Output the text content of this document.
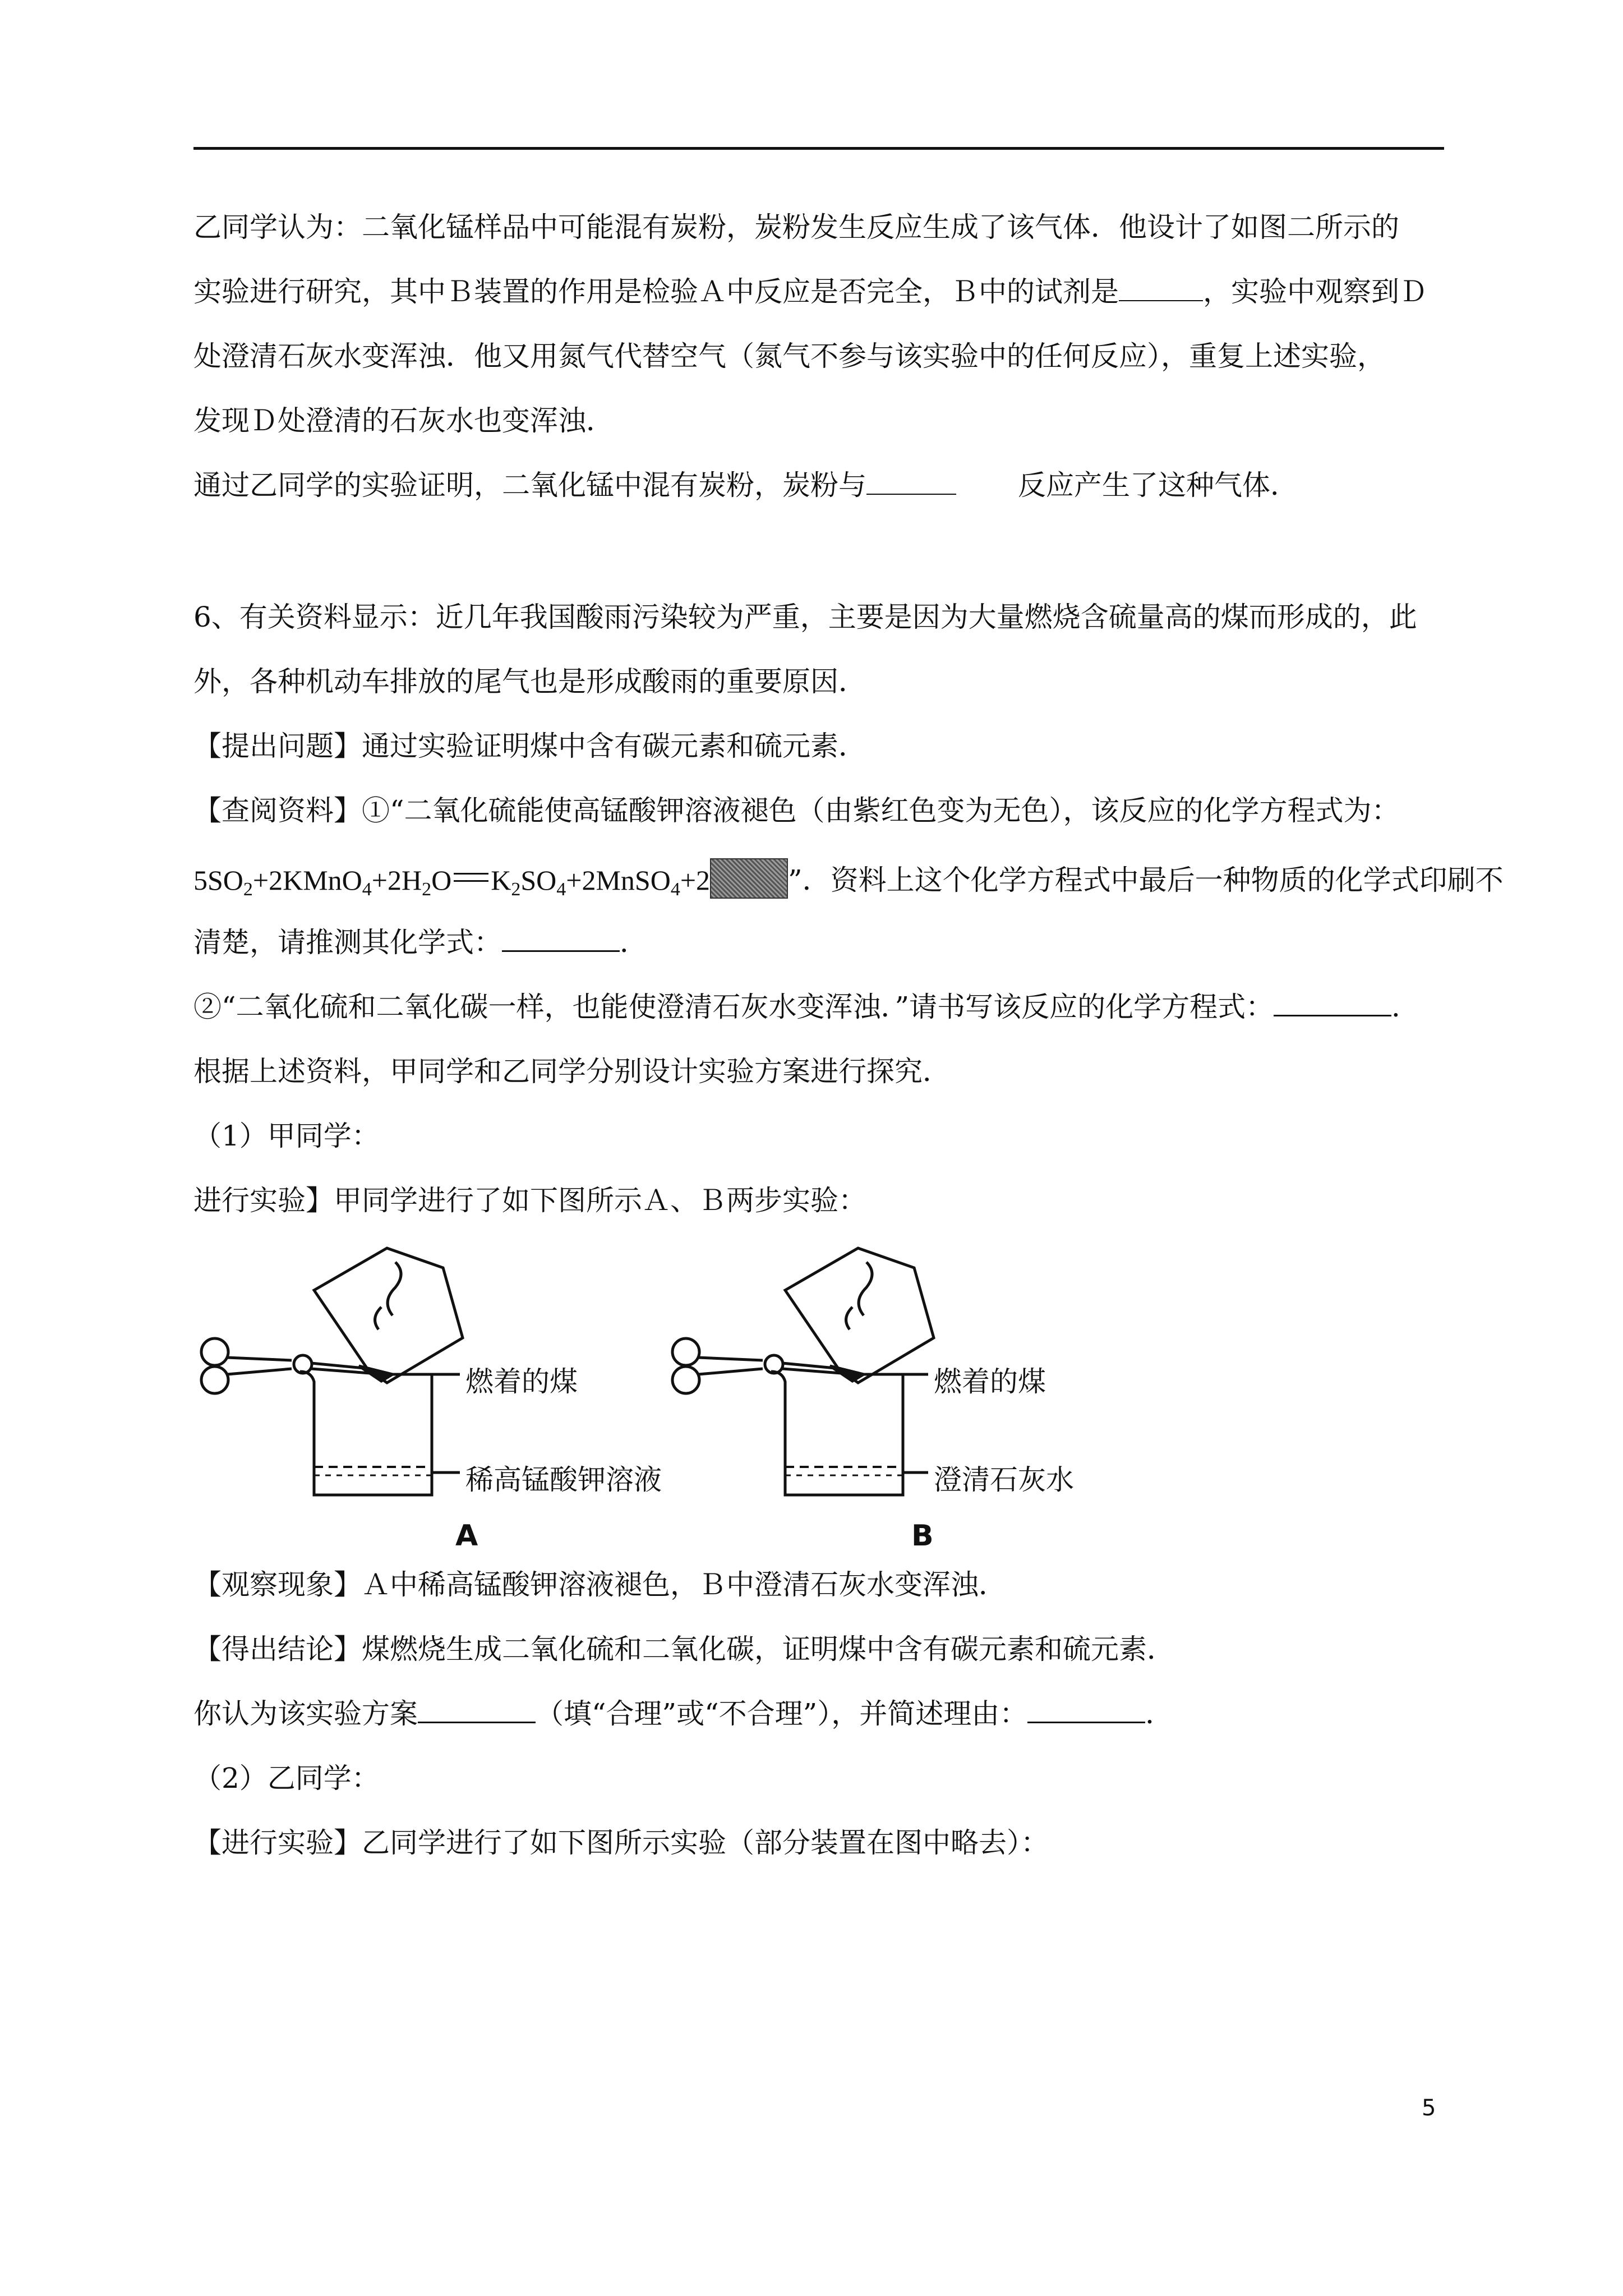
乙同学认为：二氧化锰样品中可能混有炭粉，炭粉发生反应生成了该气体．他设计了如图二所示的
实验进行研究，其中Ｂ装置的作用是检验Ａ中反应是否完全，Ｂ中的试剂是	，实验中观察到Ｄ
处澄清石灰水变浑浊．他又用氮气代替空气（氮气不参与该实验中的任何反应），重复上述实验，
发现Ｄ处澄清的石灰水也变浑浊．
通过乙同学的实验证明，二氧化锰中混有炭粉，炭粉与	反应产生了这种气体．
6、有关资料显示：近几年我国酸雨污染较为严重，主要是因为大量燃烧含硫量高的煤而形成的，此
外，各种机动车排放的尾气也是形成酸雨的重要原因．
【提出问题】通过实验证明煤中含有碳元素和硫元素．
【查阅资料】①“二氧化硫能使高锰酸钾溶液褪色（由紫红色变为无色），该反应的化学方程式为：
$5SO_2+2KMnO_4+2H_2O$ $K_2SO_4+2MnSO_4+2$	”．资料上这个化学方程式中最后一种物质的化学式印刷不
清楚，请推测其化学式：	．
②“二氧化硫和二氧化碳一样，也能使澄清石灰水变浑浊．”请书写该反应的化学方程式：	．
根据上述资料，甲同学和乙同学分别设计实验方案进行探究．
（1）甲同学：
进行实验】甲同学进行了如下图所示Ａ、Ｂ两步实验：
燃着的煤
稀高锰酸钾溶液
A
燃着的煤
澄清石灰水
B
【观察现象】Ａ中稀高锰酸钾溶液褪色，Ｂ中澄清石灰水变浑浊．
【得出结论】煤燃烧生成二氧化硫和二氧化碳，证明煤中含有碳元素和硫元素．
你认为该实验方案	（填“合理”或“不合理”），并简述理由：	．
（2）乙同学：
【进行实验】乙同学进行了如下图所示实验（部分装置在图中略去）：
5
